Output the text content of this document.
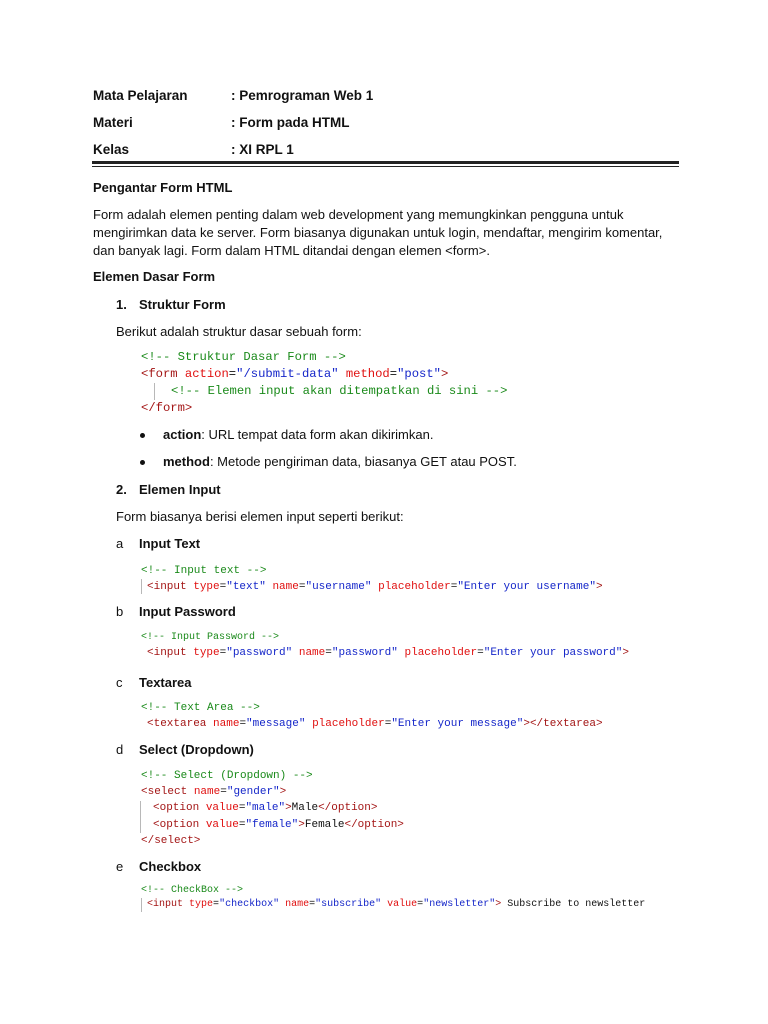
Mata Pelajaran	: Pemrograman Web 1
Materi	: Form pada HTML
Kelas	: XI RPL 1
Pengantar Form HTML
Form adalah elemen penting dalam web development yang memungkinkan pengguna untuk mengirimkan data ke server. Form biasanya digunakan untuk login, mendaftar, mengirim komentar, dan banyak lagi. Form dalam HTML ditandai dengan elemen <form>.
Elemen Dasar Form
1. Struktur Form
Berikut adalah struktur dasar sebuah form:
<!-- Struktur Dasar Form -->
<form action="/submit-data" method="post">
<!-- Elemen input akan ditempatkan di sini -->
</form>
action: URL tempat data form akan dikirimkan.
method: Metode pengiriman data, biasanya GET atau POST.
2. Elemen Input
Form biasanya berisi elemen input seperti berikut:
a Input Text
<!-- Input text -->
<input type="text" name="username" placeholder="Enter your username">
b Input Password
<!-- Input Password -->
<input type="password" name="password" placeholder="Enter your password">
c Textarea
<!-- Text Area -->
<textarea name="message" placeholder="Enter your message"></textarea>
d Select (Dropdown)
<!-- Select (Dropdown) -->
<select name="gender">
<option value="male">Male</option>
<option value="female">Female</option>
</select>
e Checkbox
<!-- CheckBox -->
<input type="checkbox" name="subscribe" value="newsletter"> Subscribe to newsletter
